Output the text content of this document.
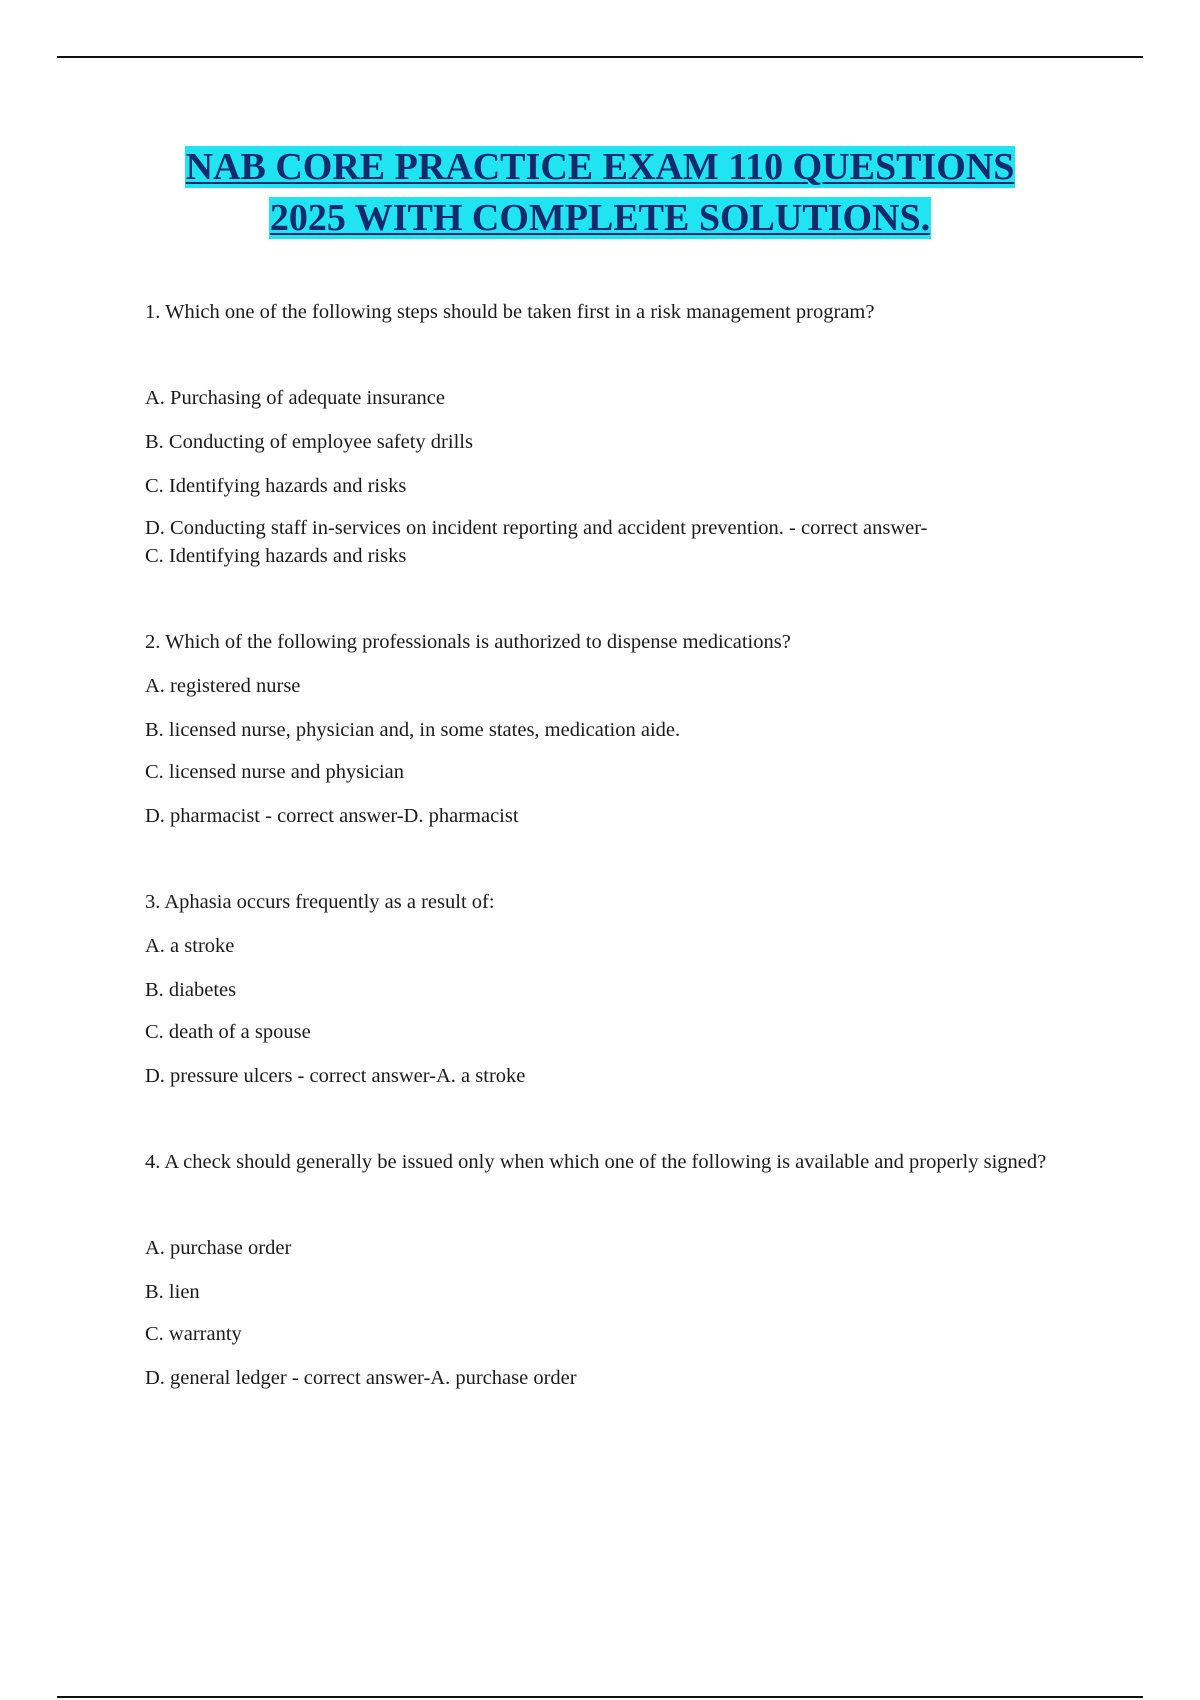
NAB CORE PRACTICE EXAM 110 QUESTIONS
2025 WITH COMPLETE SOLUTIONS.

1. Which one of the following steps should be taken first in a risk management program?

A. Purchasing of adequate insurance

B. Conducting of employee safety drills

C. Identifying hazards and risks

D. Conducting staff in-services on incident reporting and accident prevention. - correct answer-

C. Identifying hazards and risks

2. Which of the following professionals is authorized to dispense medications?

A. registered nurse

B. licensed nurse, physician and, in some states, medication aide.

C. licensed nurse and physician

D. pharmacist - correct answer-D. pharmacist

3. Aphasia occurs frequently as a result of:

A. a stroke

B. diabetes

C. death of a spouse

D. pressure ulcers - correct answer-A. a stroke

4. A check should generally be issued only when which one of the following is available and properly signed?

A. purchase order

B. lien

C. warranty

D. general ledger - correct answer-A. purchase order
